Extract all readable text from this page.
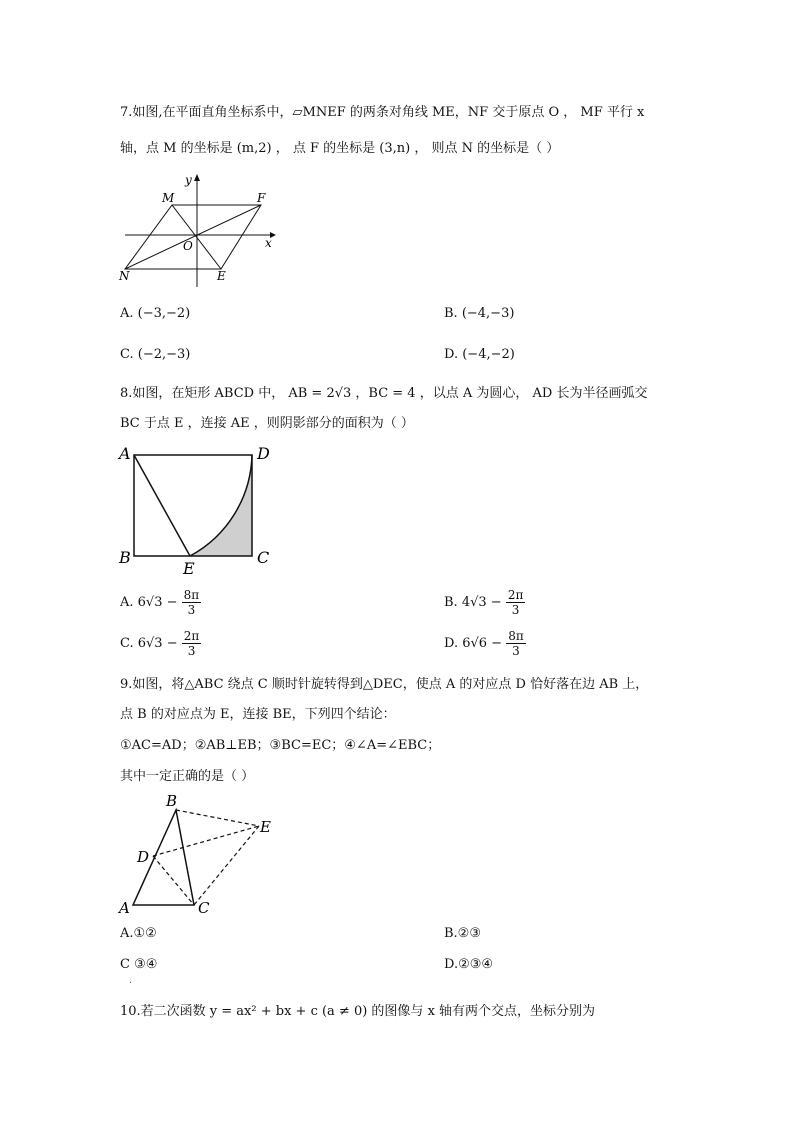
7.如图,在平面直角坐标系中，▱MNEF 的两条对角线 ME，NF 交于原点 O ， MF 平行 x
轴，点 M 的坐标是 (m,2) ， 点 F 的坐标是 (3,n) ， 则点 N 的坐标是（ ）
y
x
M	F
O
N	E
A. (−3,−2)	B. (−4,−3)
C. (−2,−3)	D. (−4,−2)
8.如图，在矩形 ABCD 中， AB = 2√3 ，BC = 4 ，以点 A 为圆心， AD 长为半径画弧交
BC 于点 E ，连接 AE ，则阴影部分的面积为（ ）
A	D
B
E
C
A. $6√3 - \frac{8\pi}{3}$	B. $4√3 - \frac{2\pi}{3}$
C. $6√3 - \frac{2\pi}{3}$	D. $6√6 - \frac{8\pi}{3}$
9.如图，将△ABC 绕点 C 顺时针旋转得到△DEC，使点 A 的对应点 D 恰好落在边 AB 上，
点 B 的对应点为 E，连接 BE，下列四个结论：
①AC=AD；②AB⊥EB；③BC=EC；④∠A=∠EBC；
其中一定正确的是（ ）
B
E
D
A	C
A.①②	B.②③
C ③④	D.②③④
·
10.若二次函数 y = ax² + bx + c (a ≠ 0) 的图像与 x 轴有两个交点，坐标分别为
